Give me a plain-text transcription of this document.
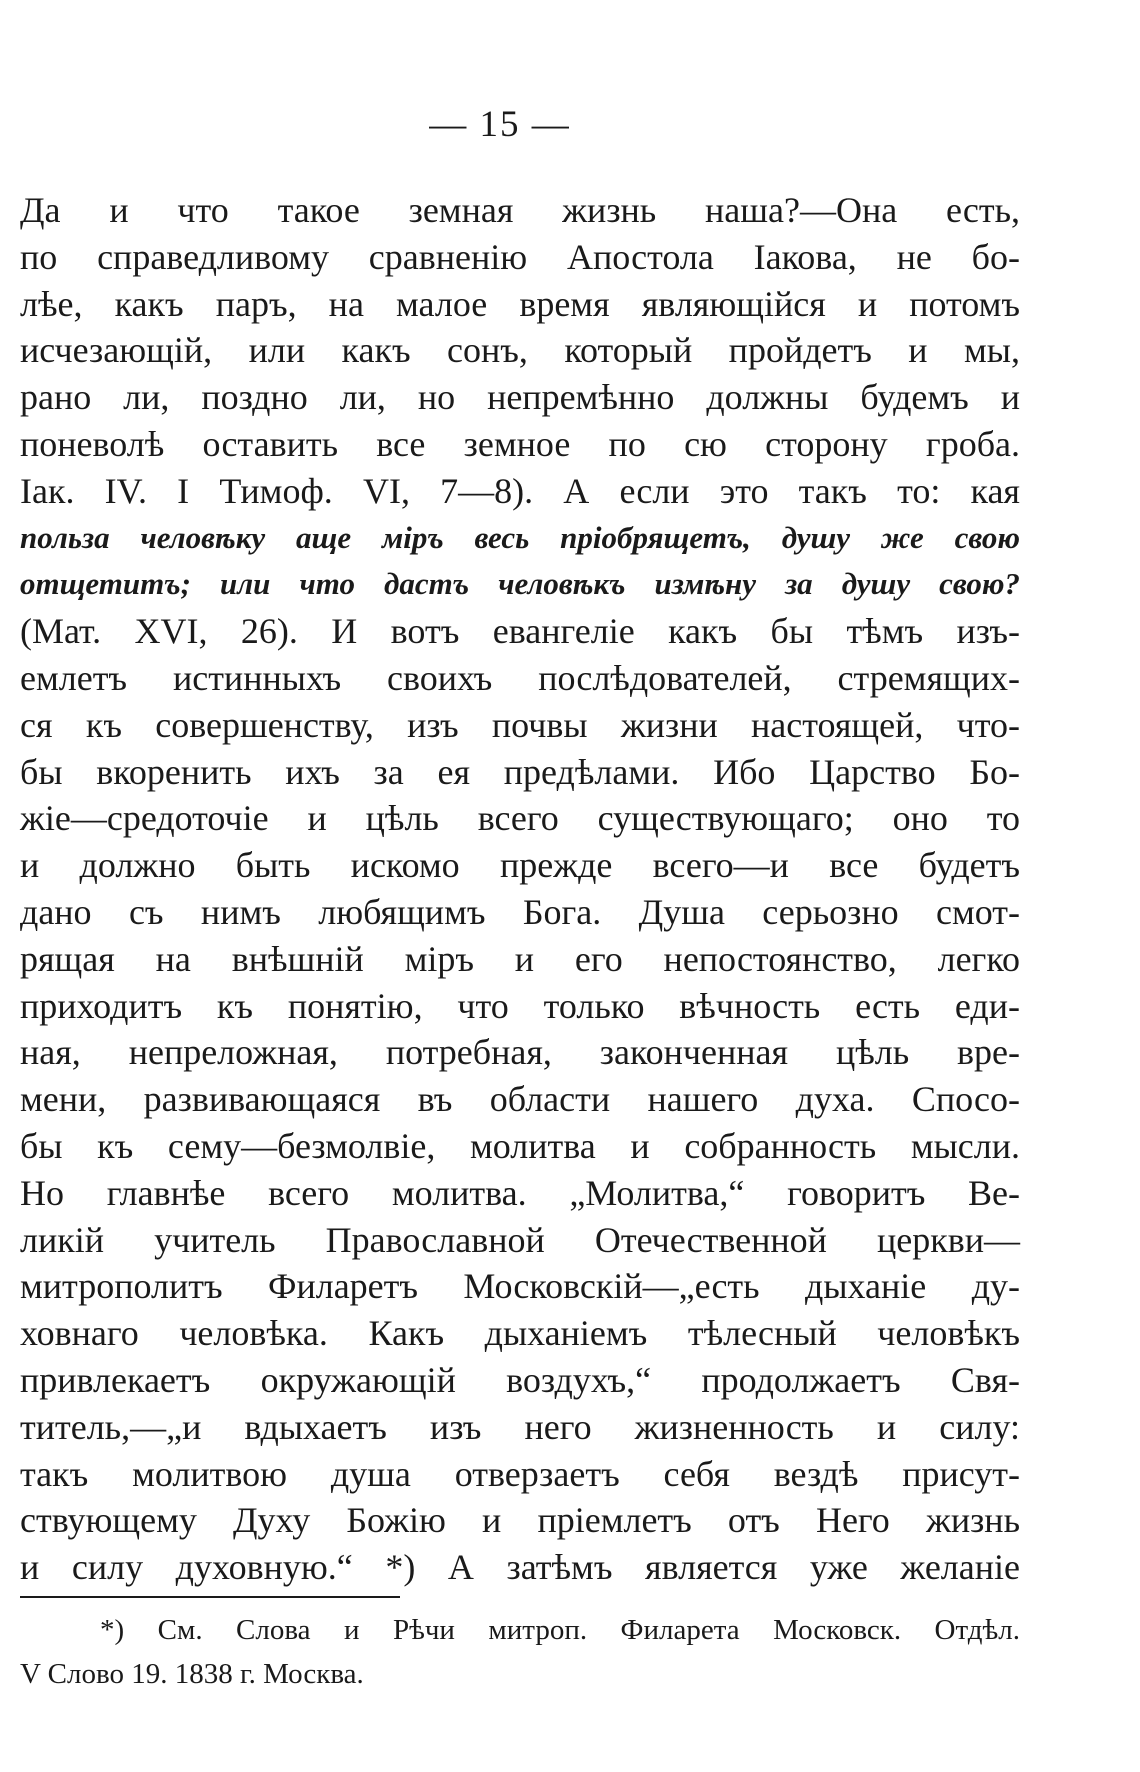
— 15 —
Да и что такое земная жизнь наша?—Она есть,
по справедливому сравненію Апостола Іакова, не бо-
лѣе, какъ паръ, на малое время являющійся и потомъ
исчезающій, или какъ сонъ, который пройдетъ и мы,
рано ли, поздно ли, но непремѣнно должны будемъ и
поневолѣ оставить все земное по сю сторону гроба.
Іак. IV. I Тимоф. VI, 7—8). А если это такъ то: кая
польза человѣку аще міръ весь пріобрящетъ, душу же свою
отщетитъ; или что дастъ человѣкъ измѣну за душу свою?
(Мат. XVI, 26). И вотъ евангеліе какъ бы тѣмъ изъ-
емлетъ истинныхъ своихъ послѣдователей, стремящих-
ся къ совершенству, изъ почвы жизни настоящей, что-
бы вкоренить ихъ за ея предѣлами. Ибо Царство Бо-
жіе—средоточіе и цѣль всего существующаго; оно то
и должно быть искомо прежде всего—и все будетъ
дано съ нимъ любящимъ Бога. Душа серьозно смот-
рящая на внѣшній міръ и его непостоянство, легко
приходитъ къ понятію, что только вѣчность есть еди-
ная, непреложная, потребная, законченная цѣль вре-
мени, развивающаяся въ области нашего духа. Спосо-
бы къ сему—безмолвіе, молитва и собранность мысли.
Но главнѣе всего молитва. „Молитва,“ говоритъ Ве-
ликій учитель Православной Отечественной церкви—
митрополитъ Филаретъ Московскій—„есть дыханіе ду-
ховнаго человѣка. Какъ дыханіемъ тѣлесный человѣкъ
привлекаетъ окружающій воздухъ,“ продолжаетъ Свя-
титель,—„и вдыхаетъ изъ него жизненность и силу:
такъ молитвою душа отверзаетъ себя вездѣ присут-
ствующему Духу Божію и пріемлетъ отъ Него жизнь
и силу духовную.“ *) А затѣмъ является уже желаніе
*) См. Слова и Рѣчи митроп. Филарета Московск. Отдѣл.
V Слово 19. 1838 г. Москва.
